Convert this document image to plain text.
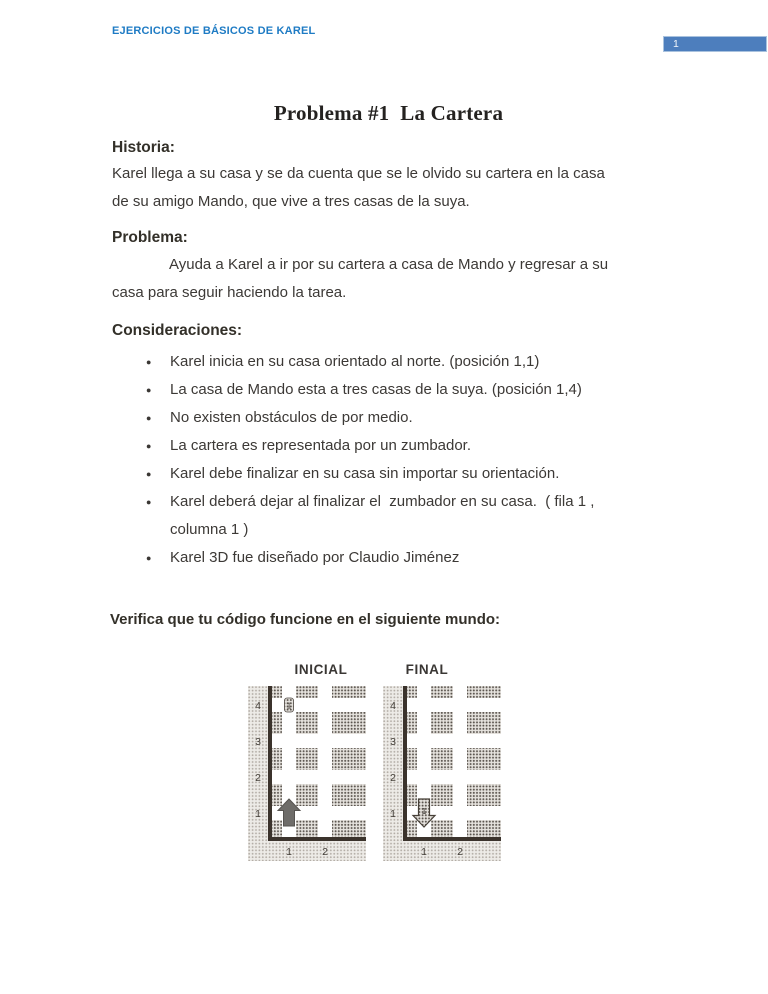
EJERCICIOS DE BÁSICOS DE KAREL
1
Problema #1  La Cartera
Historia:
Karel llega a su casa y se da cuenta que se le olvido su cartera en la casa
de su amigo Mando, que vive a tres casas de la suya.
Problema:
Ayuda a Karel a ir por su cartera a casa de Mando y regresar a su
casa para seguir haciendo la tarea.
Consideraciones:
● Karel inicia en su casa orientado al norte. (posición 1,1)
● La casa de Mando esta a tres casas de la suya. (posición 1,4)
● No existen obstáculos de por medio.
● La cartera es representada por un zumbador.
● Karel debe finalizar en su casa sin importar su orientación.
● Karel deberá dejar al finalizar el  zumbador en su casa.  ( fila 1 ,
columna 1 )
● Karel 3D fue diseñado por Claudio Jiménez
Verifica que tu código funcione en el siguiente mundo:
INICIAL	FINAL
4
3
2
1
1	2
1	4
3
2
1
1	2
1
